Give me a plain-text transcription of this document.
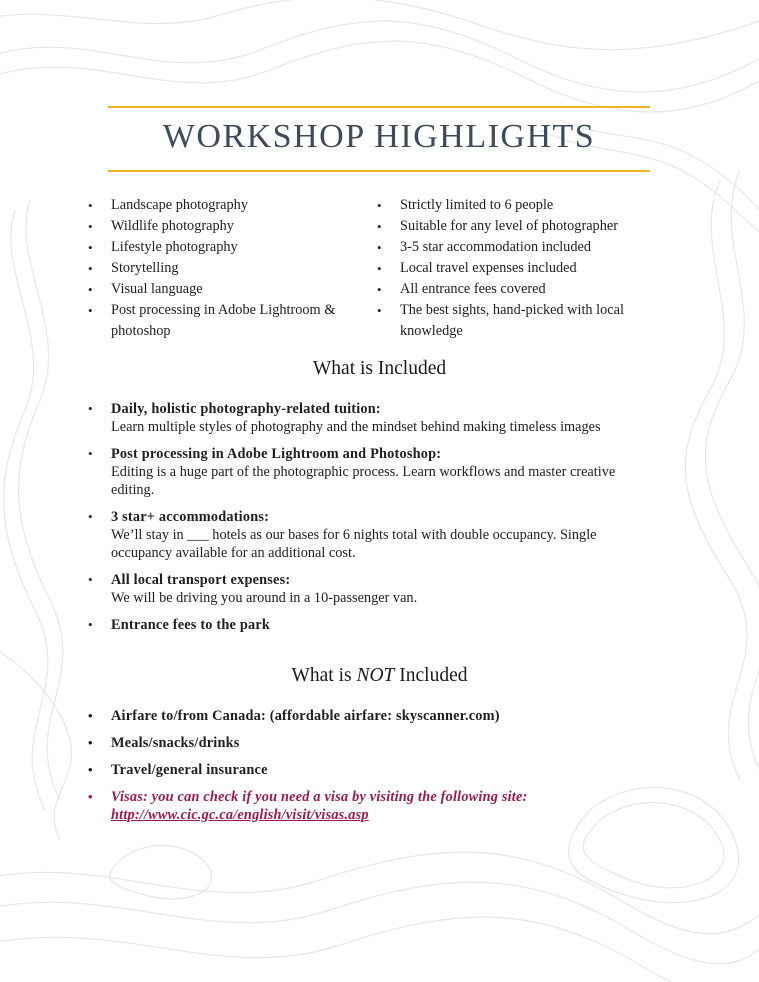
WORKSHOP HIGHLIGHTS
• Landscape photography
• Wildlife photography
• Lifestyle photography
• Storytelling
• Visual language
• Post processing in Adobe Lightroom & photoshop
• Strictly limited to 6 people
• Suitable for any level of photographer
• 3-5 star accommodation included
• Local travel expenses included
• All entrance fees covered
• The best sights, hand-picked with local knowledge
What is Included
• Daily, holistic photography-related tuition:
Learn multiple styles of photography and the mindset behind making timeless images
• Post processing in Adobe Lightroom and Photoshop:
Editing is a huge part of the photographic process. Learn workflows and master creative editing.
• 3 star+ accommodations:
We’ll stay in ___ hotels as our bases for 6 nights total with double occupancy. Single occupancy available for an additional cost.
• All local transport expenses:
We will be driving you around in a 10-passenger van.
• Entrance fees to the park
What is NOT Included
• Airfare to/from Canada: (affordable airfare: skyscanner.com)
• Meals/snacks/drinks
• Travel/general insurance
• Visas: you can check if you need a visa by visiting the following site:
http://www.cic.gc.ca/english/visit/visas.asp
